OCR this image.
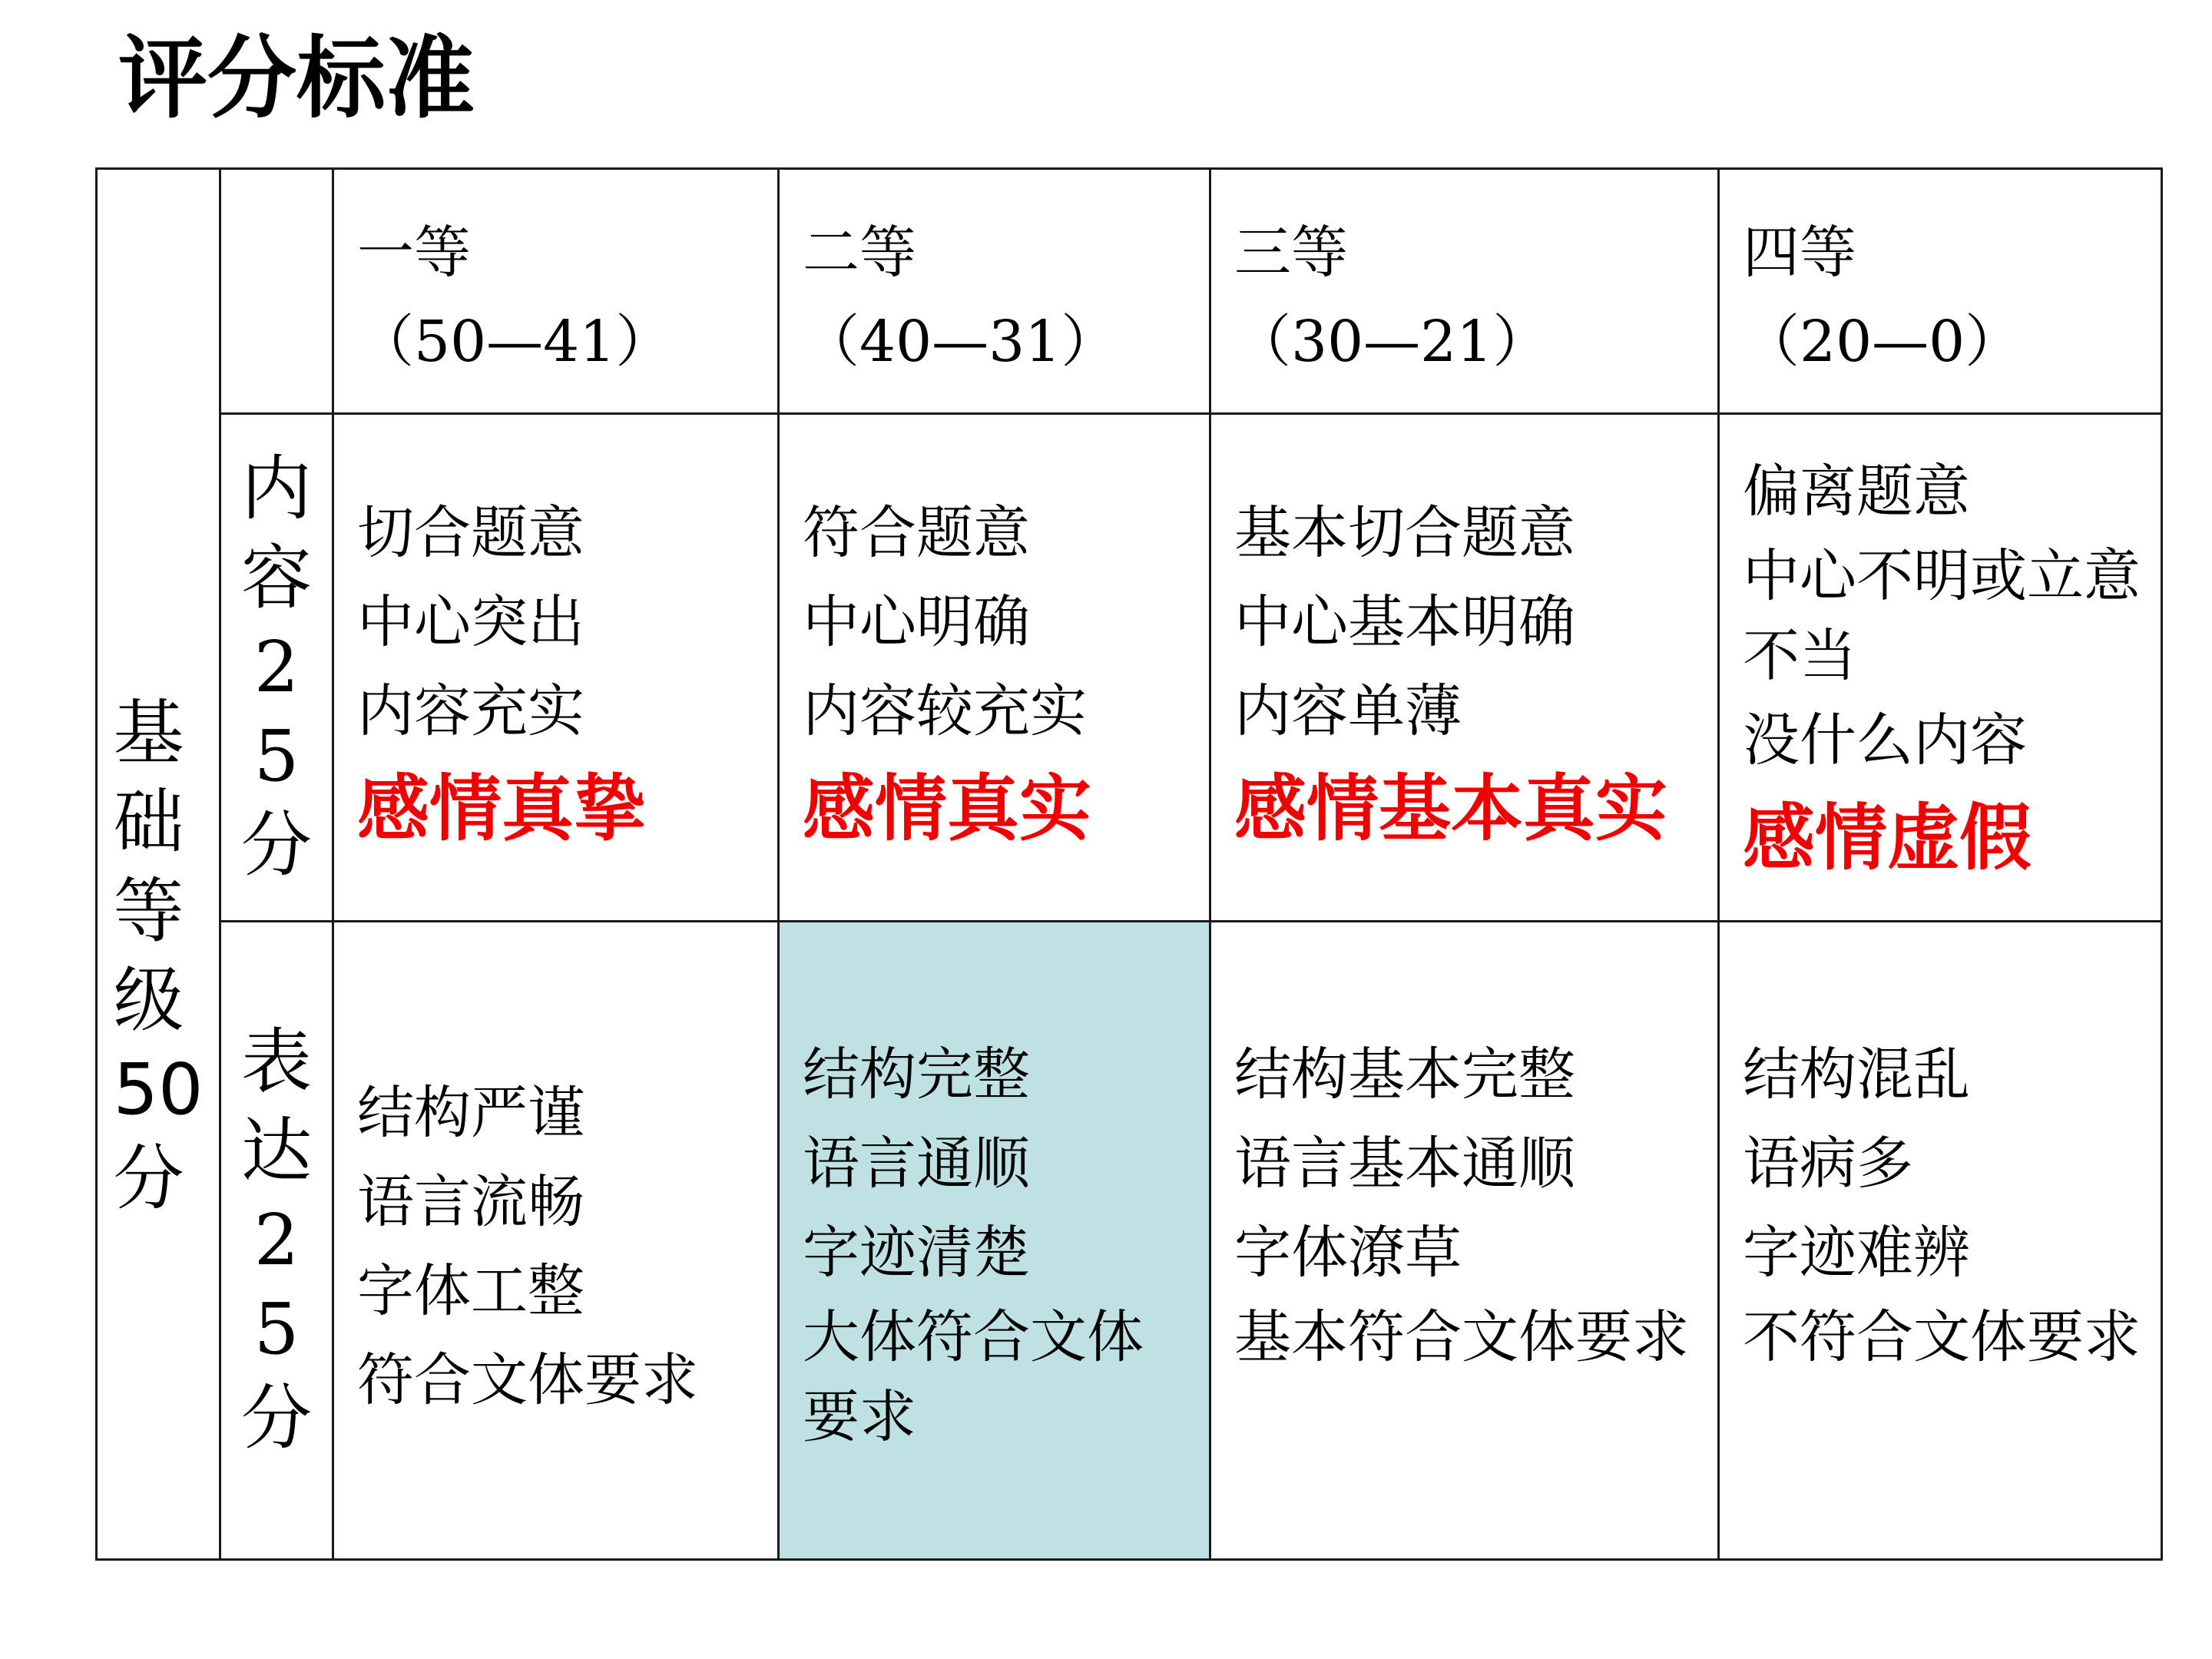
评分标准
基
础
等
级
50
分
一等
（50—41）
二等
（40—31）
三等
（30—21）
四等
（20—0）
内
容
2
5
分
切合题意
中心突出
内容充实
感情真挚
符合题意
中心明确
内容较充实
感情真实
基本切合题意
中心基本明确
内容单薄
感情基本真实
偏离题意
中心不明或立意不当
没什么内容
感情虚假
表
达
2
5
分
结构严谨
语言流畅
字体工整
符合文体要求
结构完整
语言通顺
字迹清楚
大体符合文体要求
结构基本完整
语言基本通顺
字体潦草
基本符合文体要求
结构混乱
语病多
字迹难辨
不符合文体要求
